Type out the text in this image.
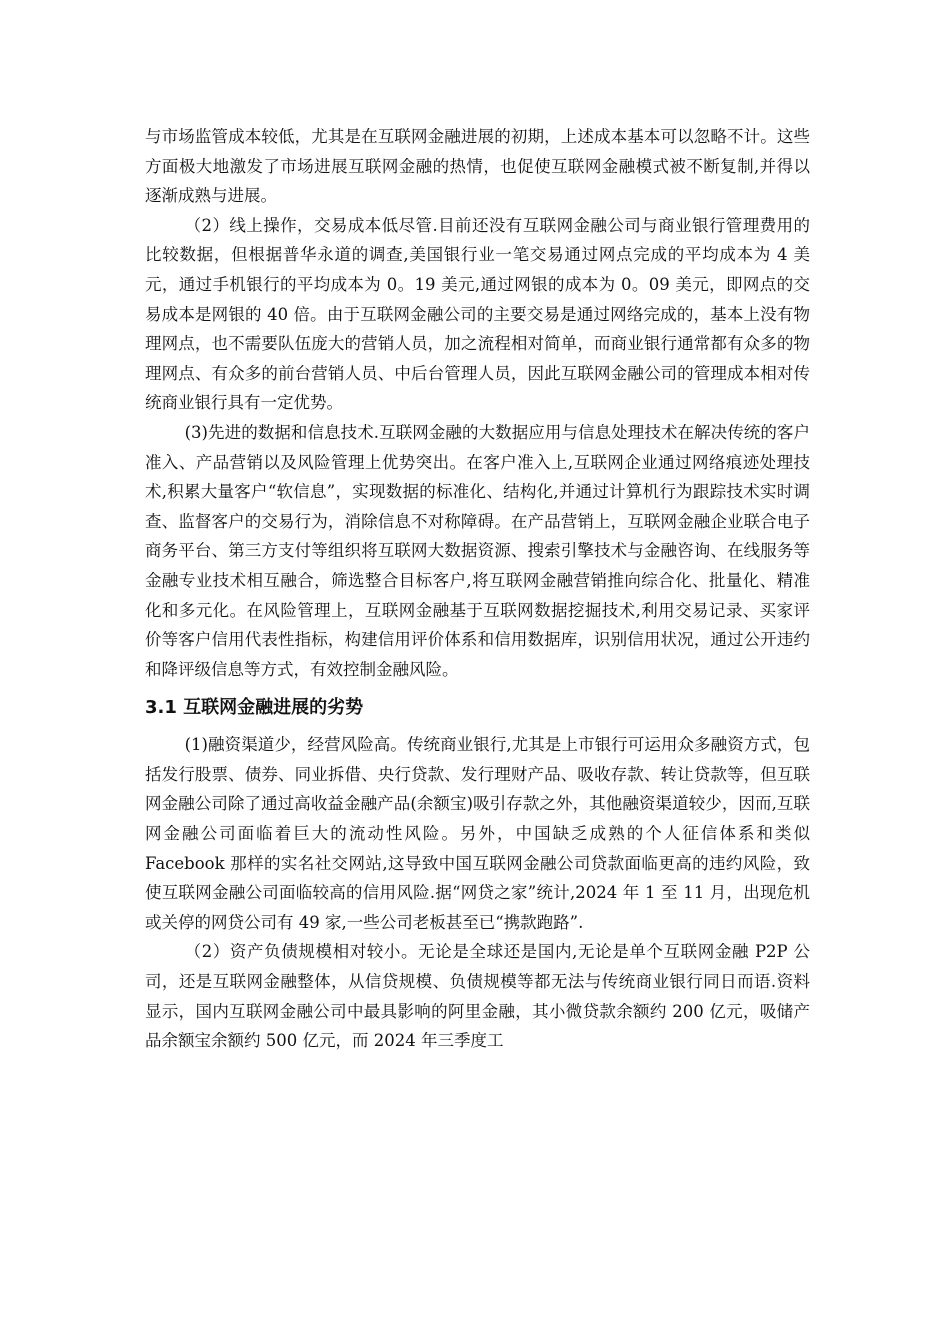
与市场监管成本较低，尤其是在互联网金融进展的初期，上述成本基本可以忽略不计。这些方面极大地激发了市场进展互联网金融的热情，也促使互联网金融模式被不断复制,并得以逐渐成熟与进展。

（2）线上操作，交易成本低尽管.目前还没有互联网金融公司与商业银行管理费用的比较数据，但根据普华永道的调查,美国银行业一笔交易通过网点完成的平均成本为 4 美元，通过手机银行的平均成本为 0。19 美元,通过网银的成本为 0。09 美元，即网点的交易成本是网银的 40 倍。由于互联网金融公司的主要交易是通过网络完成的，基本上没有物理网点，也不需要队伍庞大的营销人员，加之流程相对简单，而商业银行通常都有众多的物理网点、有众多的前台营销人员、中后台管理人员，因此互联网金融公司的管理成本相对传统商业银行具有一定优势。

(3)先进的数据和信息技术.互联网金融的大数据应用与信息处理技术在解决传统的客户准入、产品营销以及风险管理上优势突出。在客户准入上,互联网企业通过网络痕迹处理技术,积累大量客户“软信息”，实现数据的标准化、结构化,并通过计算机行为跟踪技术实时调查、监督客户的交易行为，消除信息不对称障碍。在产品营销上，互联网金融企业联合电子商务平台、第三方支付等组织将互联网大数据资源、搜索引擎技术与金融咨询、在线服务等金融专业技术相互融合，筛选整合目标客户,将互联网金融营销推向综合化、批量化、精准化和多元化。在风险管理上，互联网金融基于互联网数据挖掘技术,利用交易记录、买家评价等客户信用代表性指标，构建信用评价体系和信用数据库，识别信用状况，通过公开违约和降评级信息等方式，有效控制金融风险。

3.1 互联网金融进展的劣势

(1)融资渠道少，经营风险高。传统商业银行,尤其是上市银行可运用众多融资方式，包括发行股票、债券、同业拆借、央行贷款、发行理财产品、吸收存款、转让贷款等，但互联网金融公司除了通过高收益金融产品(余额宝)吸引存款之外，其他融资渠道较少，因而,互联网金融公司面临着巨大的流动性风险。另外，中国缺乏成熟的个人征信体系和类似 Facebook 那样的实名社交网站,这导致中国互联网金融公司贷款面临更高的违约风险，致使互联网金融公司面临较高的信用风险.据“网贷之家”统计,2024 年 1 至 11 月，出现危机或关停的网贷公司有 49 家,一些公司老板甚至已“携款跑路”.

（2）资产负债规模相对较小。无论是全球还是国内,无论是单个互联网金融 P2P 公司，还是互联网金融整体，从信贷规模、负债规模等都无法与传统商业银行同日而语.资料显示，国内互联网金融公司中最具影响的阿里金融，其小微贷款余额约 200 亿元，吸储产品余额宝余额约 500 亿元，而 2024 年三季度工
